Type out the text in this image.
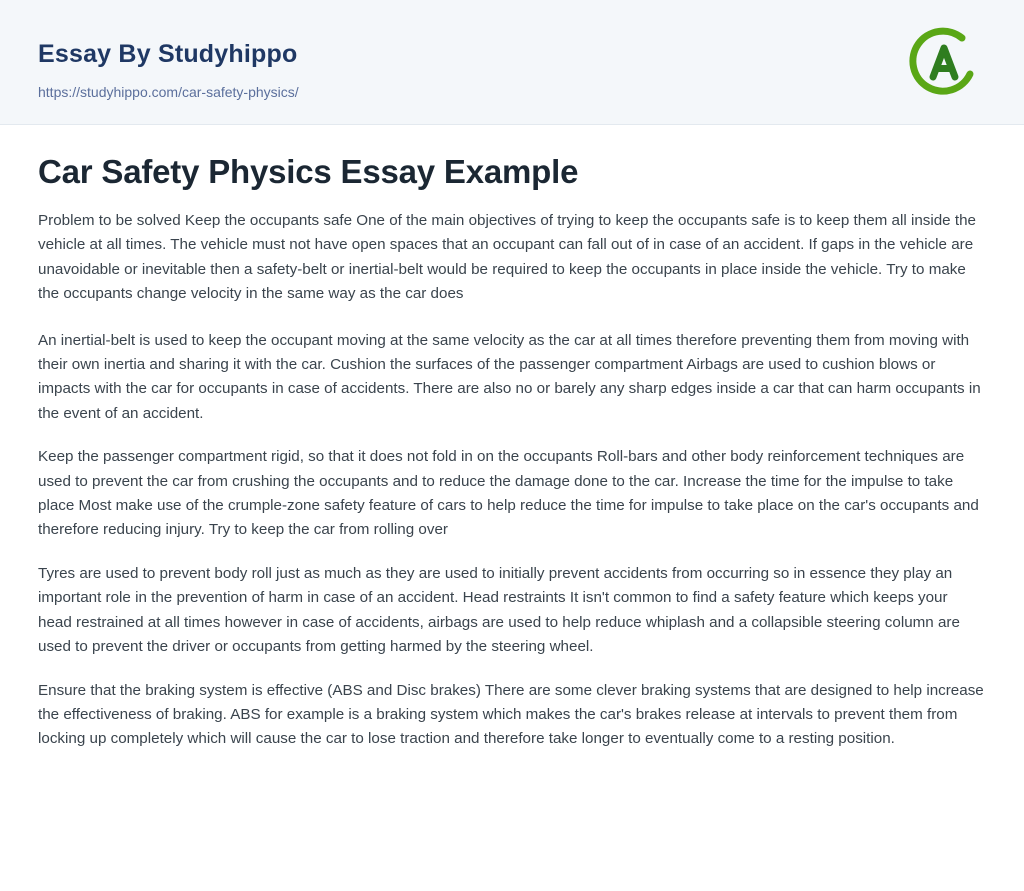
Essay By Studyhippo
https://studyhippo.com/car-safety-physics/
Car Safety Physics Essay Example

Problem to be solved Keep the occupants safe One of the main objectives of trying to keep the occupants safe is to keep them all inside the vehicle at all times. The vehicle must not have open spaces that an occupant can fall out of in case of an accident. If gaps in the vehicle are unavoidable or inevitable then a safety-belt or inertial-belt would be required to keep the occupants in place inside the vehicle. Try to make the occupants change velocity in the same way as the car does

An inertial-belt is used to keep the occupant moving at the same velocity as the car at all times therefore preventing them from moving with their own inertia and sharing it with the car. Cushion the surfaces of the passenger compartment Airbags are used to cushion blows or impacts with the car for occupants in case of accidents. There are also no or barely any sharp edges inside a car that can harm occupants in the event of an accident.

Keep the passenger compartment rigid, so that it does not fold in on the occupants Roll-bars and other body reinforcement techniques are used to prevent the car from crushing the occupants and to reduce the damage done to the car. Increase the time for the impulse to take place Most make use of the crumple-zone safety feature of cars to help reduce the time for impulse to take place on the car's occupants and therefore reducing injury. Try to keep the car from rolling over

Tyres are used to prevent body roll just as much as they are used to initially prevent accidents from occurring so in essence they play an important role in the prevention of harm in case of an accident. Head restraints It isn't common to find a safety feature which keeps your head restrained at all times however in case of accidents, airbags are used to help reduce whiplash and a collapsible steering column are used to prevent the driver or occupants from getting harmed by the steering wheel.

Ensure that the braking system is effective (ABS and Disc brakes) There are some clever braking systems that are designed to help increase the effectiveness of braking. ABS for example is a braking system which makes the car's brakes release at intervals to prevent them from locking up completely which will cause the car to lose traction and therefore take longer to eventually come to a resting position.
